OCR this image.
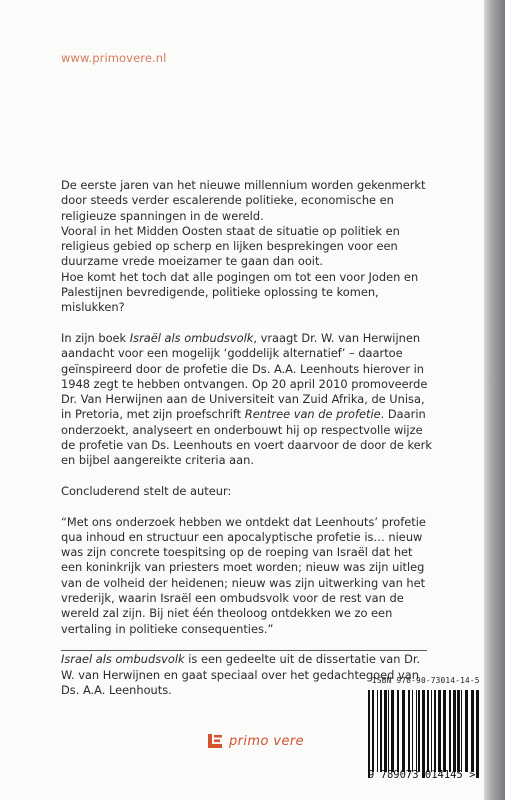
www.primovere.nl

De eerste jaren van het nieuwe millennium worden gekenmerkt door steeds verder escalerende politieke, economische en religieuze spanningen in de wereld.

Vooral in het Midden Oosten staat de situatie op politiek en religieus gebied op scherp en lijken besprekingen voor een duurzame vrede moeizamer te gaan dan ooit.

Hoe komt het toch dat alle pogingen om tot een voor Joden en Palestijnen bevredigende, politieke oplossing te komen, mislukken?

In zijn boek Israël als ombudsvolk, vraagt Dr. W. van Herwijnen aandacht voor een mogelijk ‘goddelijk alternatief’ – daartoe geïnspireerd door de profetie die Ds. A.A. Leenhouts hierover in 1948 zegt te hebben ontvangen. Op 20 april 2010 promoveerde Dr. Van Herwijnen aan de Universiteit van Zuid Afrika, de Unisa, in Pretoria, met zijn proefschrift Rentree van de profetie. Daarin onderzoekt, analyseert en onderbouwt hij op respectvolle wijze de profetie van Ds. Leenhouts en voert daarvoor de door de kerk en bijbel aangereikte criteria aan.

Concluderend stelt de auteur:

“Met ons onderzoek hebben we ontdekt dat Leenhouts’ profetie qua inhoud en structuur een apocalyptische profetie is… nieuw was zijn concrete toespitsing op de roeping van Israël dat het een koninkrijk van priesters moet worden; nieuw was zijn uitleg van de volheid der heidenen; nieuw was zijn uitwerking van het vrederijk, waarin Israël een ombudsvolk voor de rest van de wereld zal zijn. Bij niet één theoloog ontdekken we zo een vertaling in politieke consequenties.”

Israel als ombudsvolk is een gedeelte uit de dissertatie van Dr. W. van Herwijnen en gaat speciaal over het gedachtegoed van Ds. A.A. Leenhouts.

primo vere
ISBN 978-90-73014-14-5
9 789073 014145 >
